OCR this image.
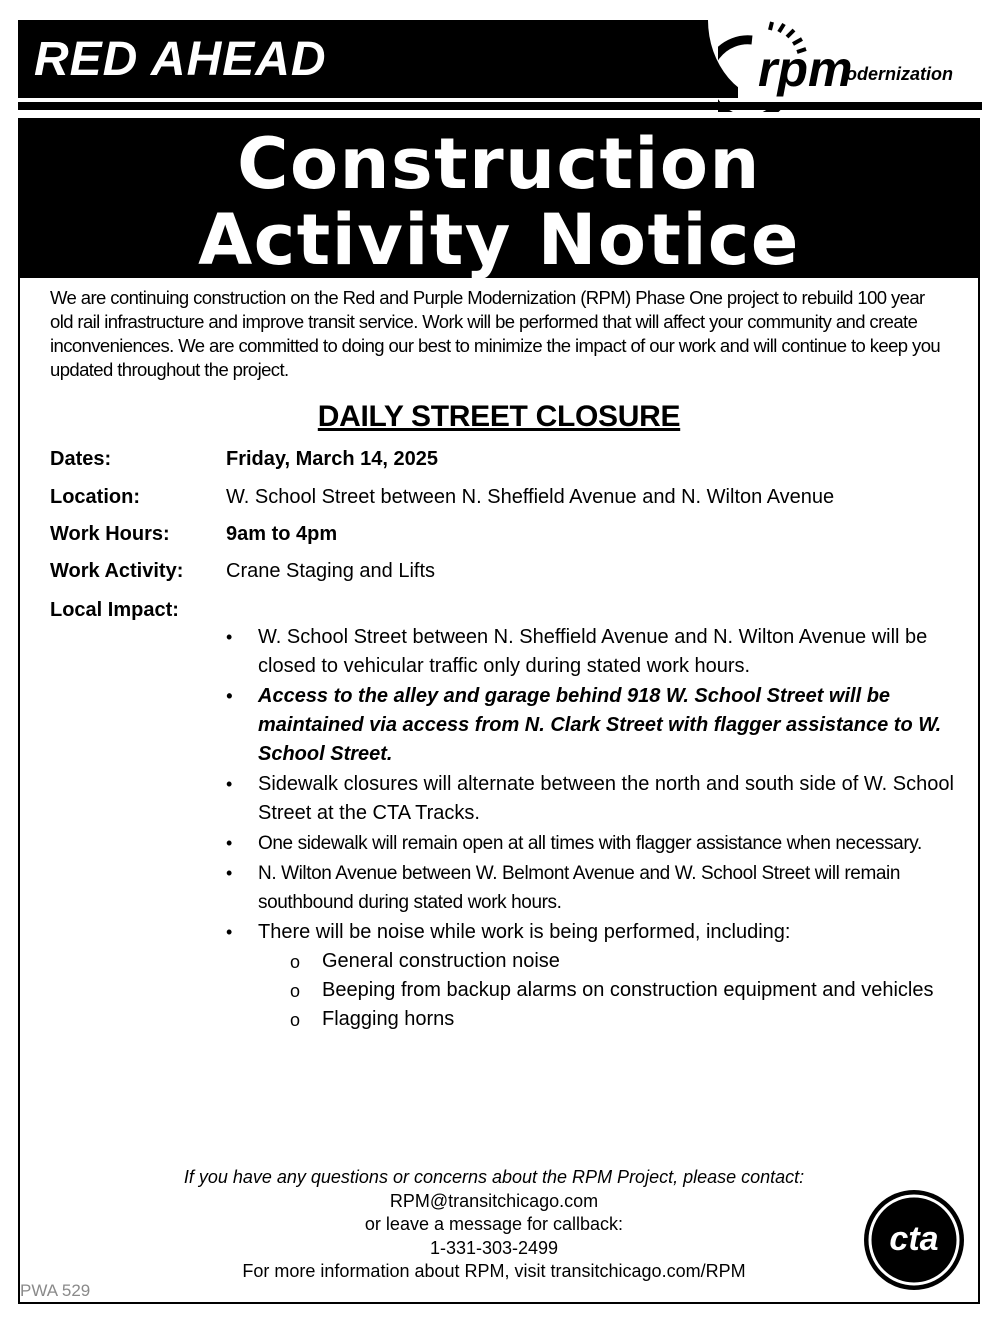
RED AHEAD	rpm
odernization
Construction
Activity Notice
We are continuing construction on the Red and Purple Modernization (RPM) Phase One project to rebuild 100 year old rail infrastructure and improve transit service. Work will be performed that will affect your community and create inconveniences. We are committed to doing our best to minimize the impact of our work and will continue to keep you updated throughout the project.
DAILY STREET CLOSURE
Dates:	Friday, March 14, 2025
Location:	W. School Street between N. Sheffield Avenue and N. Wilton Avenue
Work Hours:	9am to 4pm
Work Activity: Crane Staging and Lifts
Local Impact:
• W. School Street between N. Sheffield Avenue and N. Wilton Avenue will be closed to vehicular traffic only during stated work hours.
• Access to the alley and garage behind 918 W. School Street will be maintained via access from N. Clark Street with flagger assistance to W. School Street.
• Sidewalk closures will alternate between the north and south side of W. School Street at the CTA Tracks.
• One sidewalk will remain open at all times with flagger assistance when necessary.
• N. Wilton Avenue between W. Belmont Avenue and W. School Street will remain southbound during stated work hours.
• There will be noise while work is being performed, including:
o General construction noise
o Beeping from backup alarms on construction equipment and vehicles
o Flagging horns
If you have any questions or concerns about the RPM Project, please contact:
RPM@transitchicago.com
or leave a message for callback:
1-331-303-2499
For more information about RPM, visit transitchicago.com/RPM
PWA 529
cta
